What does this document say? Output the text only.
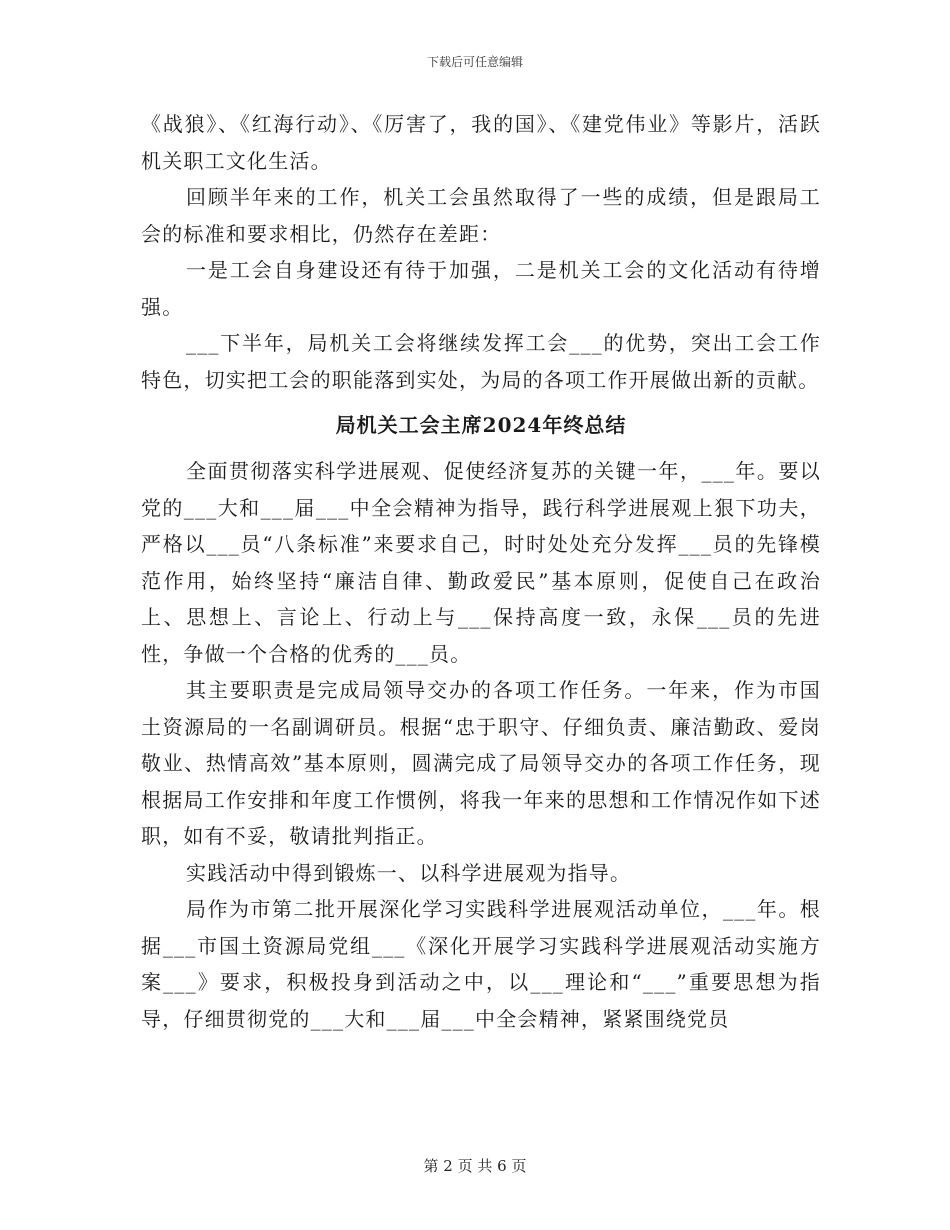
下载后可任意编辑

《战狼》、《红海行动》、《厉害了，我的国》、《建党伟业》等影片，活跃机关职工文化生活。

回顾半年来的工作，机关工会虽然取得了一些的成绩，但是跟局工会的标准和要求相比，仍然存在差距：

一是工会自身建设还有待于加强，二是机关工会的文化活动有待增强。

___下半年，局机关工会将继续发挥工会___的优势，突出工会工作特色，切实把工会的职能落到实处，为局的各项工作开展做出新的贡献。

局机关工会主席2024年终总结

全面贯彻落实科学进展观、促使经济复苏的关键一年，___年。要以党的___大和___届___中全会精神为指导，践行科学进展观上狠下功夫，严格以___员“八条标准”来要求自己，时时处处充分发挥___员的先锋模范作用，始终坚持“廉洁自律、勤政爱民”基本原则，促使自己在政治上、思想上、言论上、行动上与___保持高度一致，永保___员的先进性，争做一个合格的优秀的___员。

其主要职责是完成局领导交办的各项工作任务。一年来，作为市国土资源局的一名副调研员。根据“忠于职守、仔细负责、廉洁勤政、爱岗敬业、热情高效”基本原则，圆满完成了局领导交办的各项工作任务，现根据局工作安排和年度工作惯例，将我一年来的思想和工作情况作如下述职，如有不妥，敬请批判指正。

实践活动中得到锻炼一、以科学进展观为指导。

局作为市第二批开展深化学习实践科学进展观活动单位，___年。根据___市国土资源局党组___《深化开展学习实践科学进展观活动实施方案___》要求，积极投身到活动之中，以___理论和“___”重要思想为指导，仔细贯彻党的___大和___届___中全会精神，紧紧围绕党员

第 2 页 共 6 页
